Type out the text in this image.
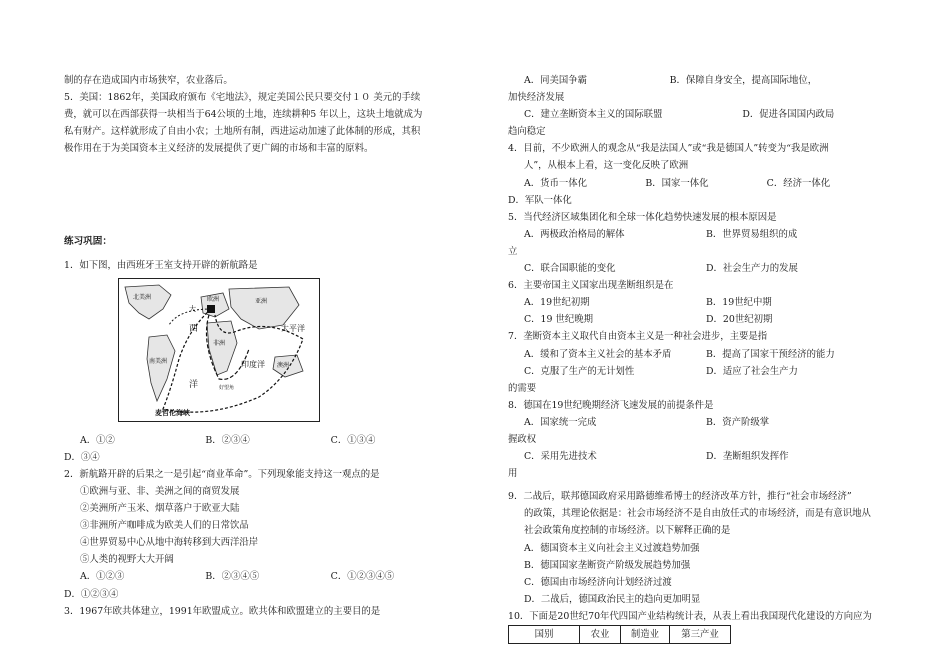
制的存在造成国内市场狭窄，农业落后。

5．美国：1862年，美国政府颁布《宅地法》，规定美国公民只要交付１０ 美元的手续

费，就可以在西部获得一块相当于64公顷的土地，连续耕种5 年以上，这块土地就成为

私有财产。这样就形成了自由小农；土地所有制，西进运动加速了此体制的形成，其积

极作用在于为美国资本主义经济的发展提供了更广阔的市场和丰富的原料。

练习巩固：

1．如下图，由西班牙王室支持开辟的新航路是

大
西
洋
南美洲
北美洲	欧洲	亚洲
非洲
澳洲
太平洋
印度洋
麦哲伦海峡
好望角
A．①②	B．②③④	C．①③④

D．③④

2．新航路开辟的后果之一是引起“商业革命”。下列现象能支持这一观点的是

①欧洲与亚、非、美洲之间的商贸发展

②美洲所产玉米、烟草落户于欧亚大陆

③非洲所产咖啡成为欧美人们的日常饮品

④世界贸易中心从地中海转移到大西洋沿岸

⑤人类的视野大大开阔

A．①②③	B．②③④⑤	C．①②③④⑤

D．①②③④

3．1967年欧共体建立，1991年欧盟成立。欧共体和欧盟建立的主要目的是

A．同美国争霸	B．保障自身安全，提高国际地位，

加快经济发展

C．建立垄断资本主义的国际联盟	D．促进各国国内政局

趋向稳定

4．目前，不少欧洲人的观念从“我是法国人”或“我是德国人”转变为“我是欧洲

人”，从根本上看，这一变化反映了欧洲

A．货币一体化	B．国家一体化	C．经济一体化

D．军队一体化

5．当代经济区域集团化和全球一体化趋势快速发展的根本原因是

A．两极政治格局的解体	B．世界贸易组织的成

立

C．联合国职能的变化	D．社会生产力的发展

6．主要帝国主义国家出现垄断组织是在

A．19世纪初期	B．19世纪中期
C．19 世纪晚期	D．20世纪初期

7．垄断资本主义取代自由资本主义是一种社会进步，主要是指

A．缓和了资本主义社会的基本矛盾	B．提高了国家干预经济的能力
C．克服了生产的无计划性	D．适应了社会生产力

的需要

8．德国在19世纪晚期经济飞速发展的前提条件是

A．国家统一完成	B．资产阶级掌

握政权

C．采用先进技术	D．垄断组织发挥作

用

9．二战后，联邦德国政府采用路德维希博士的经济改革方针，推行“社会市场经济”

的政策，其理论依据是：社会市场经济不是自由放任式的市场经济，而是有意识地从

社会政策角度控制的市场经济。以下解释正确的是

A．德国资本主义向社会主义过渡趋势加强

B．德国国家垄断资产阶级发展趋势加强

C．德国由市场经济向计划经济过渡

D．二战后，德国政治民主的趋向更加明显

10．下面是20世纪70年代四国产业结构统计表，从表上看出我国现代化建设的方向应为

国别	农业	制造业	第三产业
